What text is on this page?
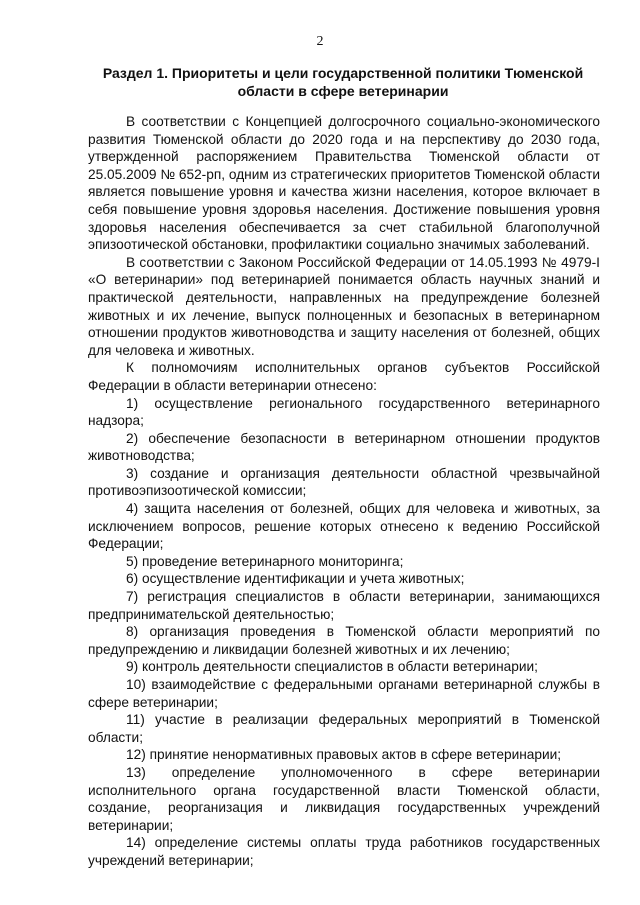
2
Раздел 1. Приоритеты и цели государственной политики Тюменской области в сфере ветеринарии

В соответствии с Концепцией долгосрочного социально-экономического развития Тюменской области до 2020 года и на перспективу до 2030 года, утвержденной распоряжением Правительства Тюменской области от 25.05.2009 № 652-рп, одним из стратегических приоритетов Тюменской области является повышение уровня и качества жизни населения, которое включает в себя повышение уровня здоровья населения. Достижение повышения уровня здоровья населения обеспечивается за счет стабильной благополучной эпизоотической обстановки, профилактики социально значимых заболеваний.

В соответствии с Законом Российской Федерации от 14.05.1993 № 4979-I «О ветеринарии» под ветеринарией понимается область научных знаний и практической деятельности, направленных на предупреждение болезней животных и их лечение, выпуск полноценных и безопасных в ветеринарном отношении продуктов животноводства и защиту населения от болезней, общих для человека и животных.

К полномочиям исполнительных органов субъектов Российской Федерации в области ветеринарии отнесено:

1) осуществление регионального государственного ветеринарного надзора;

2) обеспечение безопасности в ветеринарном отношении продуктов животноводства;

3) создание и организация деятельности областной чрезвычайной противоэпизоотической комиссии;

4) защита населения от болезней, общих для человека и животных, за исключением вопросов, решение которых отнесено к ведению Российской Федерации;

5) проведение ветеринарного мониторинга;

6) осуществление идентификации и учета животных;

7) регистрация специалистов в области ветеринарии, занимающихся предпринимательской деятельностью;

8) организация проведения в Тюменской области мероприятий по предупреждению и ликвидации болезней животных и их лечению;

9) контроль деятельности специалистов в области ветеринарии;

10) взаимодействие с федеральными органами ветеринарной службы в сфере ветеринарии;

11) участие в реализации федеральных мероприятий в Тюменской области;

12) принятие ненормативных правовых актов в сфере ветеринарии;

13) определение уполномоченного в сфере ветеринарии исполнительного органа государственной власти Тюменской области, создание, реорганизация и ликвидация государственных учреждений ветеринарии;

14) определение системы оплаты труда работников государственных учреждений ветеринарии;
